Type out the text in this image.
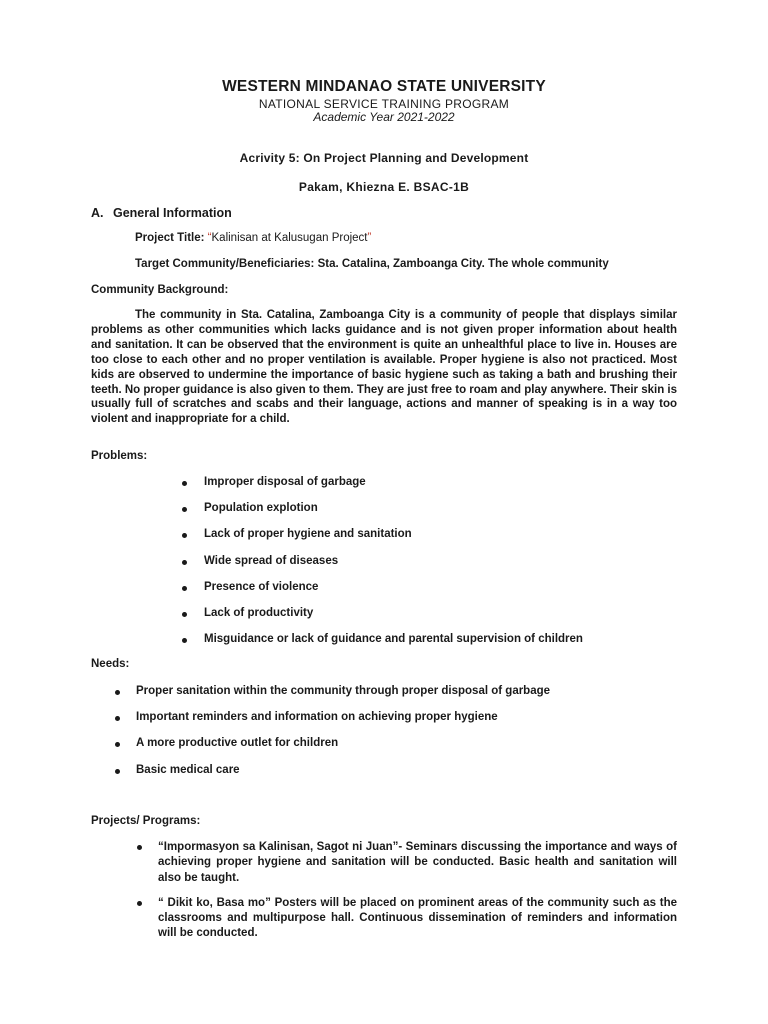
WESTERN MINDANAO STATE UNIVERSITY
NATIONAL SERVICE TRAINING PROGRAM
Academic Year 2021-2022
Acrivity 5: On Project Planning and Development
Pakam, Khiezna E. BSAC-1B
A. General Information
Project Title: “Kalinisan at Kalusugan Project”
Target Community/Beneficiaries: Sta. Catalina, Zamboanga City. The whole community
Community Background:
The community in Sta. Catalina, Zamboanga City is a community of people that displays similar problems as other communities which lacks guidance and is not given proper information about health and sanitation. It can be observed that the environment is quite an unhealthful place to live in. Houses are too close to each other and no proper ventilation is available. Proper hygiene is also not practiced. Most kids are observed to undermine the importance of basic hygiene such as taking a bath and brushing their teeth. No proper guidance is also given to them. They are just free to roam and play anywhere. Their skin is usually full of scratches and scabs and their language, actions and manner of speaking is in a way too violent and inappropriate for a child.
Problems:
Improper disposal of garbage
Population explotion
Lack of proper hygiene and sanitation
Wide spread of diseases
Presence of violence
Lack of productivity
Misguidance or lack of guidance and parental supervision of children
Needs:
Proper sanitation within the community through proper disposal of garbage
Important reminders and information on achieving proper hygiene
A more productive outlet for children
Basic medical care
Projects/ Programs:
“Impormasyon sa Kalinisan, Sagot ni Juan”- Seminars discussing the importance and ways of achieving proper hygiene and sanitation will be conducted. Basic health and sanitation will also be taught.
“ Dikit ko, Basa mo” Posters will be placed on prominent areas of the community such as the classrooms and multipurpose hall. Continuous dissemination of reminders and information will be conducted.
